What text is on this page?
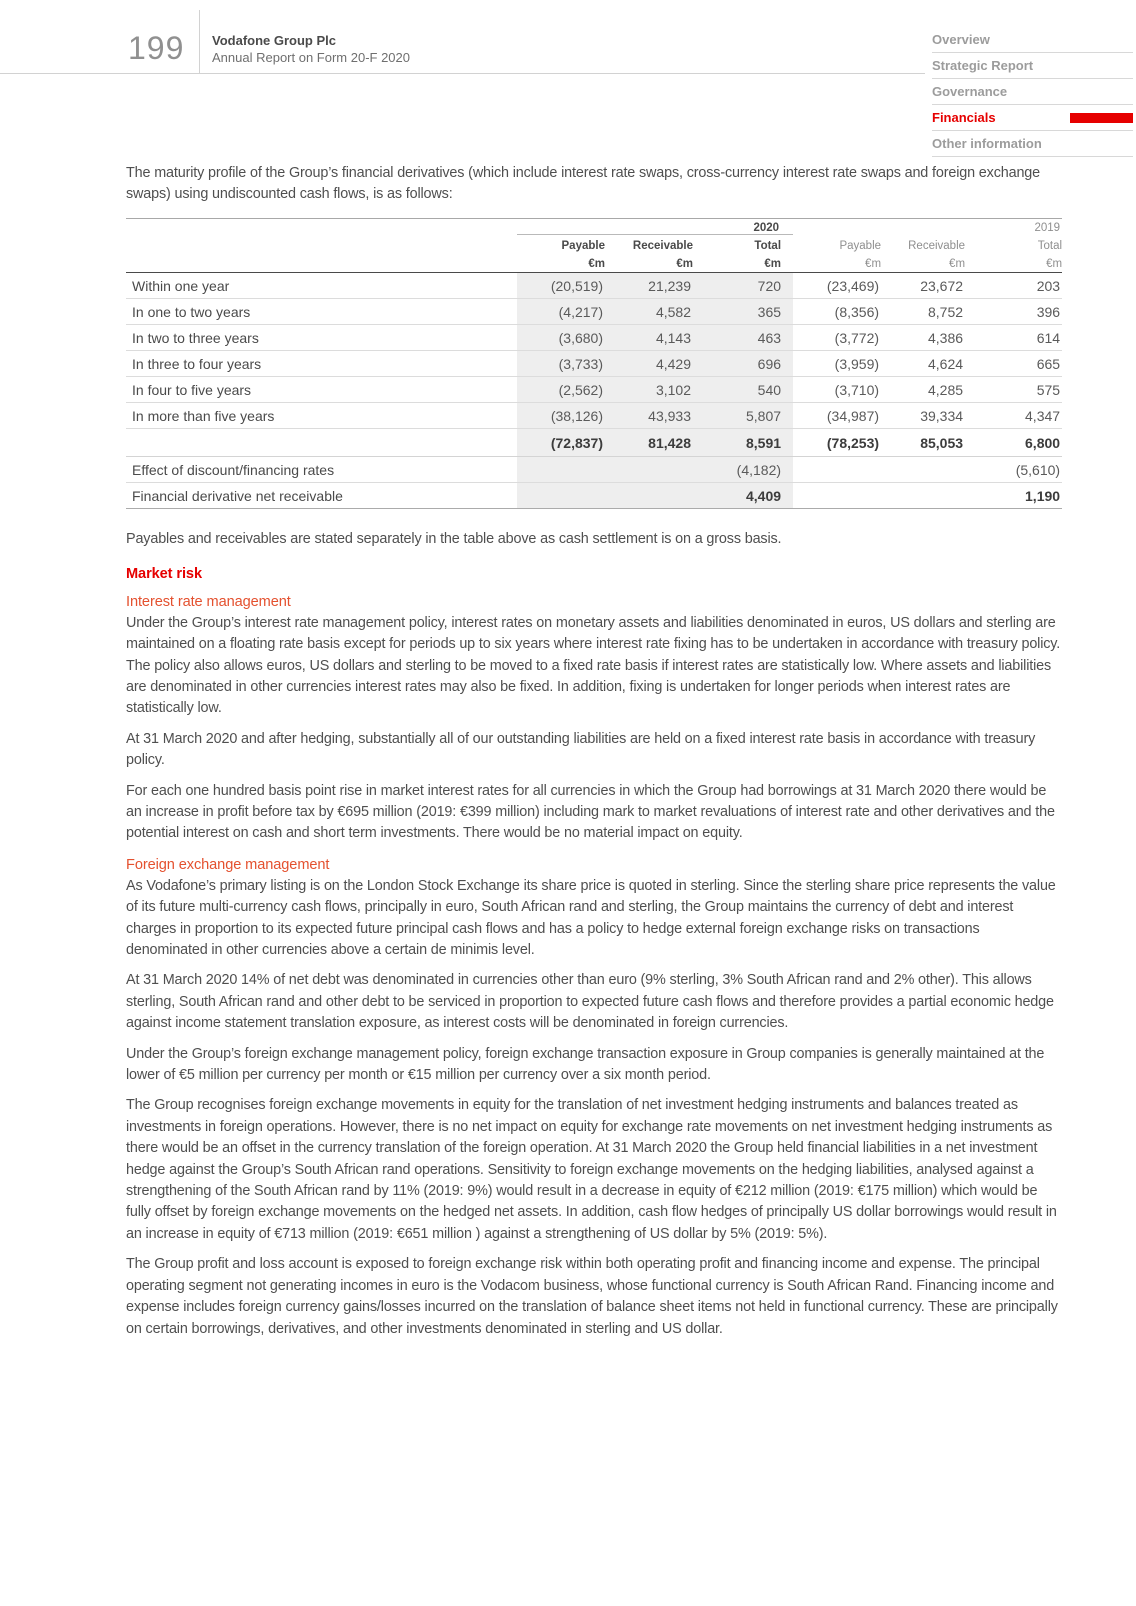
199 Vodafone Group Plc
Annual Report on Form 20-F 2020
Overview
Strategic Report
Governance
Financials
Other information

The maturity profile of the Group’s financial derivatives (which include interest rate swaps, cross-currency interest rate swaps and foreign exchange swaps) using undiscounted cash flows, is as follows:

	2020			2019		
	Payable	Receivable	Total	Payable	Receivable	Total
	€m	€m	€m	€m	€m	€m

Within one year	(20,519)	21,239	720	(23,469)	23,672	203
In one to two years	(4,217)	4,582	365	(8,356)	8,752	396
In two to three years	(3,680)	4,143	463	(3,772)	4,386	614
In three to four years	(3,733)	4,429	696	(3,959)	4,624	665
In four to five years	(2,562)	3,102	540	(3,710)	4,285	575
In more than five years	(38,126)	43,933	5,807	(34,987)	39,334	4,347
	(72,837)	81,428	8,591	(78,253)	85,053	6,800
Effect of discount/financing rates			(4,182)			(5,610)
Financial derivative net receivable			4,409			1,190

Payables and receivables are stated separately in the table above as cash settlement is on a gross basis.

Market risk
Interest rate management

Under the Group’s interest rate management policy, interest rates on monetary assets and liabilities denominated in euros, US dollars and sterling are maintained on a floating rate basis except for periods up to six years where interest rate fixing has to be undertaken in accordance with treasury policy. The policy also allows euros, US dollars and sterling to be moved to a fixed rate basis if interest rates are statistically low. Where assets and liabilities are denominated in other currencies interest rates may also be fixed. In addition, fixing is undertaken for longer periods when interest rates are statistically low.

At 31 March 2020 and after hedging, substantially all of our outstanding liabilities are held on a fixed interest rate basis in accordance with treasury policy.

For each one hundred basis point rise in market interest rates for all currencies in which the Group had borrowings at 31 March 2020 there would be an increase in profit before tax by €695 million (2019: €399 million) including mark to market revaluations of interest rate and other derivatives and the potential interest on cash and short term investments. There would be no material impact on equity.

Foreign exchange management

As Vodafone’s primary listing is on the London Stock Exchange its share price is quoted in sterling. Since the sterling share price represents the value of its future multi-currency cash flows, principally in euro, South African rand and sterling, the Group maintains the currency of debt and interest charges in proportion to its expected future principal cash flows and has a policy to hedge external foreign exchange risks on transactions denominated in other currencies above a certain de minimis level.

At 31 March 2020 14% of net debt was denominated in currencies other than euro (9% sterling, 3% South African rand and 2% other). This allows sterling, South African rand and other debt to be serviced in proportion to expected future cash flows and therefore provides a partial economic hedge against income statement translation exposure, as interest costs will be denominated in foreign currencies.

Under the Group’s foreign exchange management policy, foreign exchange transaction exposure in Group companies is generally maintained at the lower of €5 million per currency per month or €15 million per currency over a six month period.

The Group recognises foreign exchange movements in equity for the translation of net investment hedging instruments and balances treated as investments in foreign operations. However, there is no net impact on equity for exchange rate movements on net investment hedging instruments as there would be an offset in the currency translation of the foreign operation. At 31 March 2020 the Group held financial liabilities in a net investment hedge against the Group’s South African rand operations. Sensitivity to foreign exchange movements on the hedging liabilities, analysed against a strengthening of the South African rand by 11% (2019: 9%) would result in a decrease in equity of €212 million (2019: €175 million) which would be fully offset by foreign exchange movements on the hedged net assets. In addition, cash flow hedges of principally US dollar borrowings would result in an increase in equity of €713 million (2019: €651 million ) against a strengthening of US dollar by 5% (2019: 5%).

The Group profit and loss account is exposed to foreign exchange risk within both operating profit and financing income and expense. The principal operating segment not generating incomes in euro is the Vodacom business, whose functional currency is South African Rand. Financing income and expense includes foreign currency gains/losses incurred on the translation of balance sheet items not held in functional currency. These are principally on certain borrowings, derivatives, and other investments denominated in sterling and US dollar.
